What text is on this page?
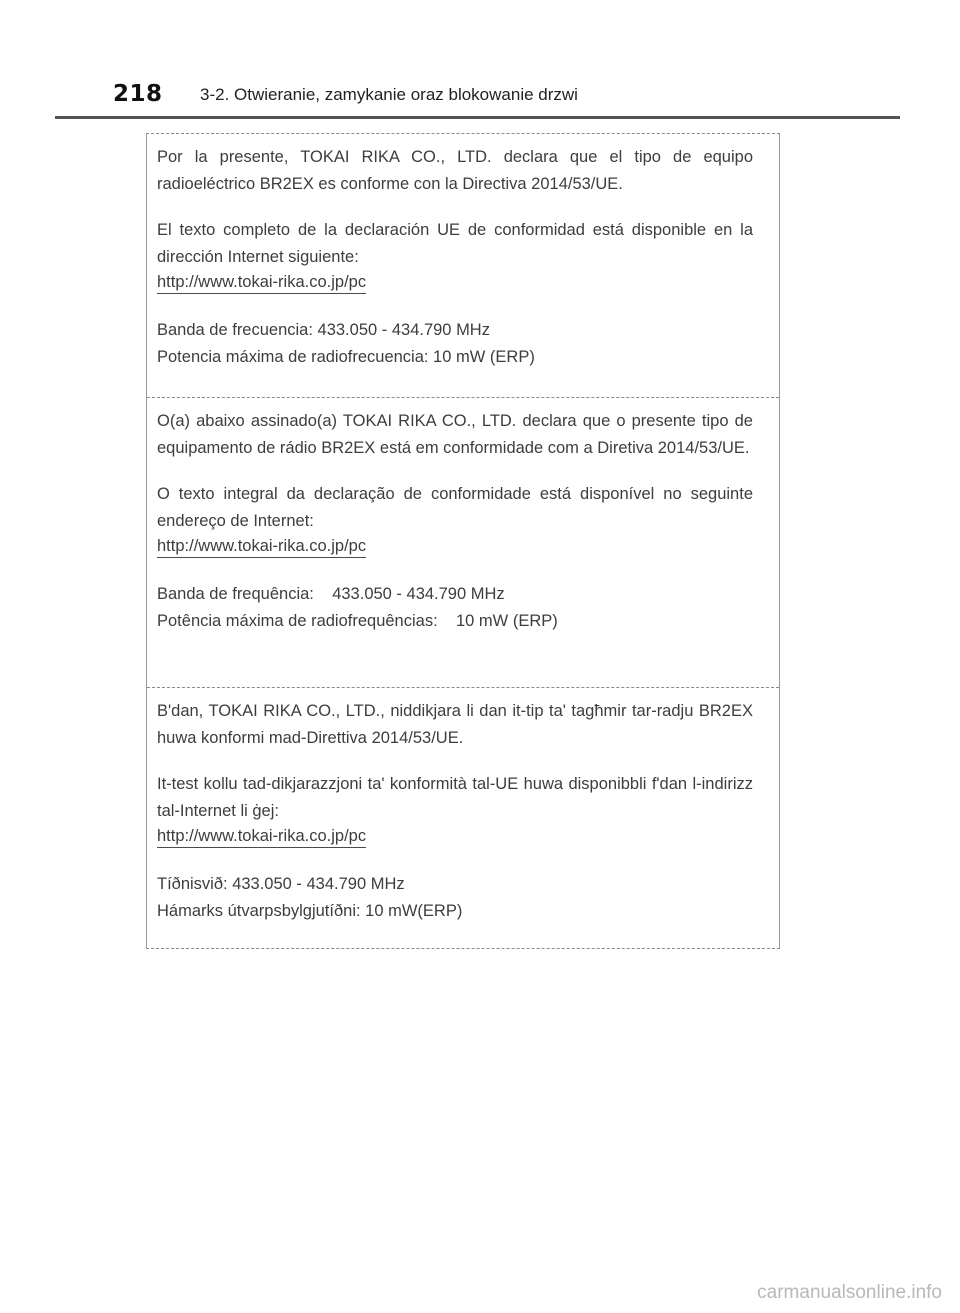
218 3-2. Otwieranie, zamykanie oraz blokowanie drzwi

Por la presente, TOKAI RIKA CO., LTD. declara que el tipo de equipo radioeléctrico BR2EX es conforme con la Directiva 2014/53/UE.

El texto completo de la declaración UE de conformidad está disponible en la dirección Internet siguiente:

http://www.tokai-rika.co.jp/pc

Banda de frecuencia: 433.050 - 434.790 MHz

Potencia máxima de radiofrecuencia: 10 mW (ERP)

O(a) abaixo assinado(a) TOKAI RIKA CO., LTD. declara que o presente tipo de equipamento de rádio BR2EX está em conformidade com a Diretiva 2014/53/UE.

O texto integral da declaração de conformidade está disponível no seguinte endereço de Internet:

http://www.tokai-rika.co.jp/pc

Banda de frequência:    433.050 - 434.790 MHz

Potência máxima de radiofrequências:    10 mW (ERP)

B'dan, TOKAI RIKA CO., LTD., niddikjara li dan it-tip ta' tagħmir tar-radju BR2EX huwa konformi mad-Direttiva 2014/53/UE.

It-test kollu tad-dikjarazzjoni ta' konformità tal-UE huwa disponibbli f'dan l-indirizz tal-Internet li ġej:

http://www.tokai-rika.co.jp/pc

Tíðnisvið: 433.050 - 434.790 MHz

Hámarks útvarpsbylgjutíðni: 10 mW(ERP)

carmanualsonline.info
